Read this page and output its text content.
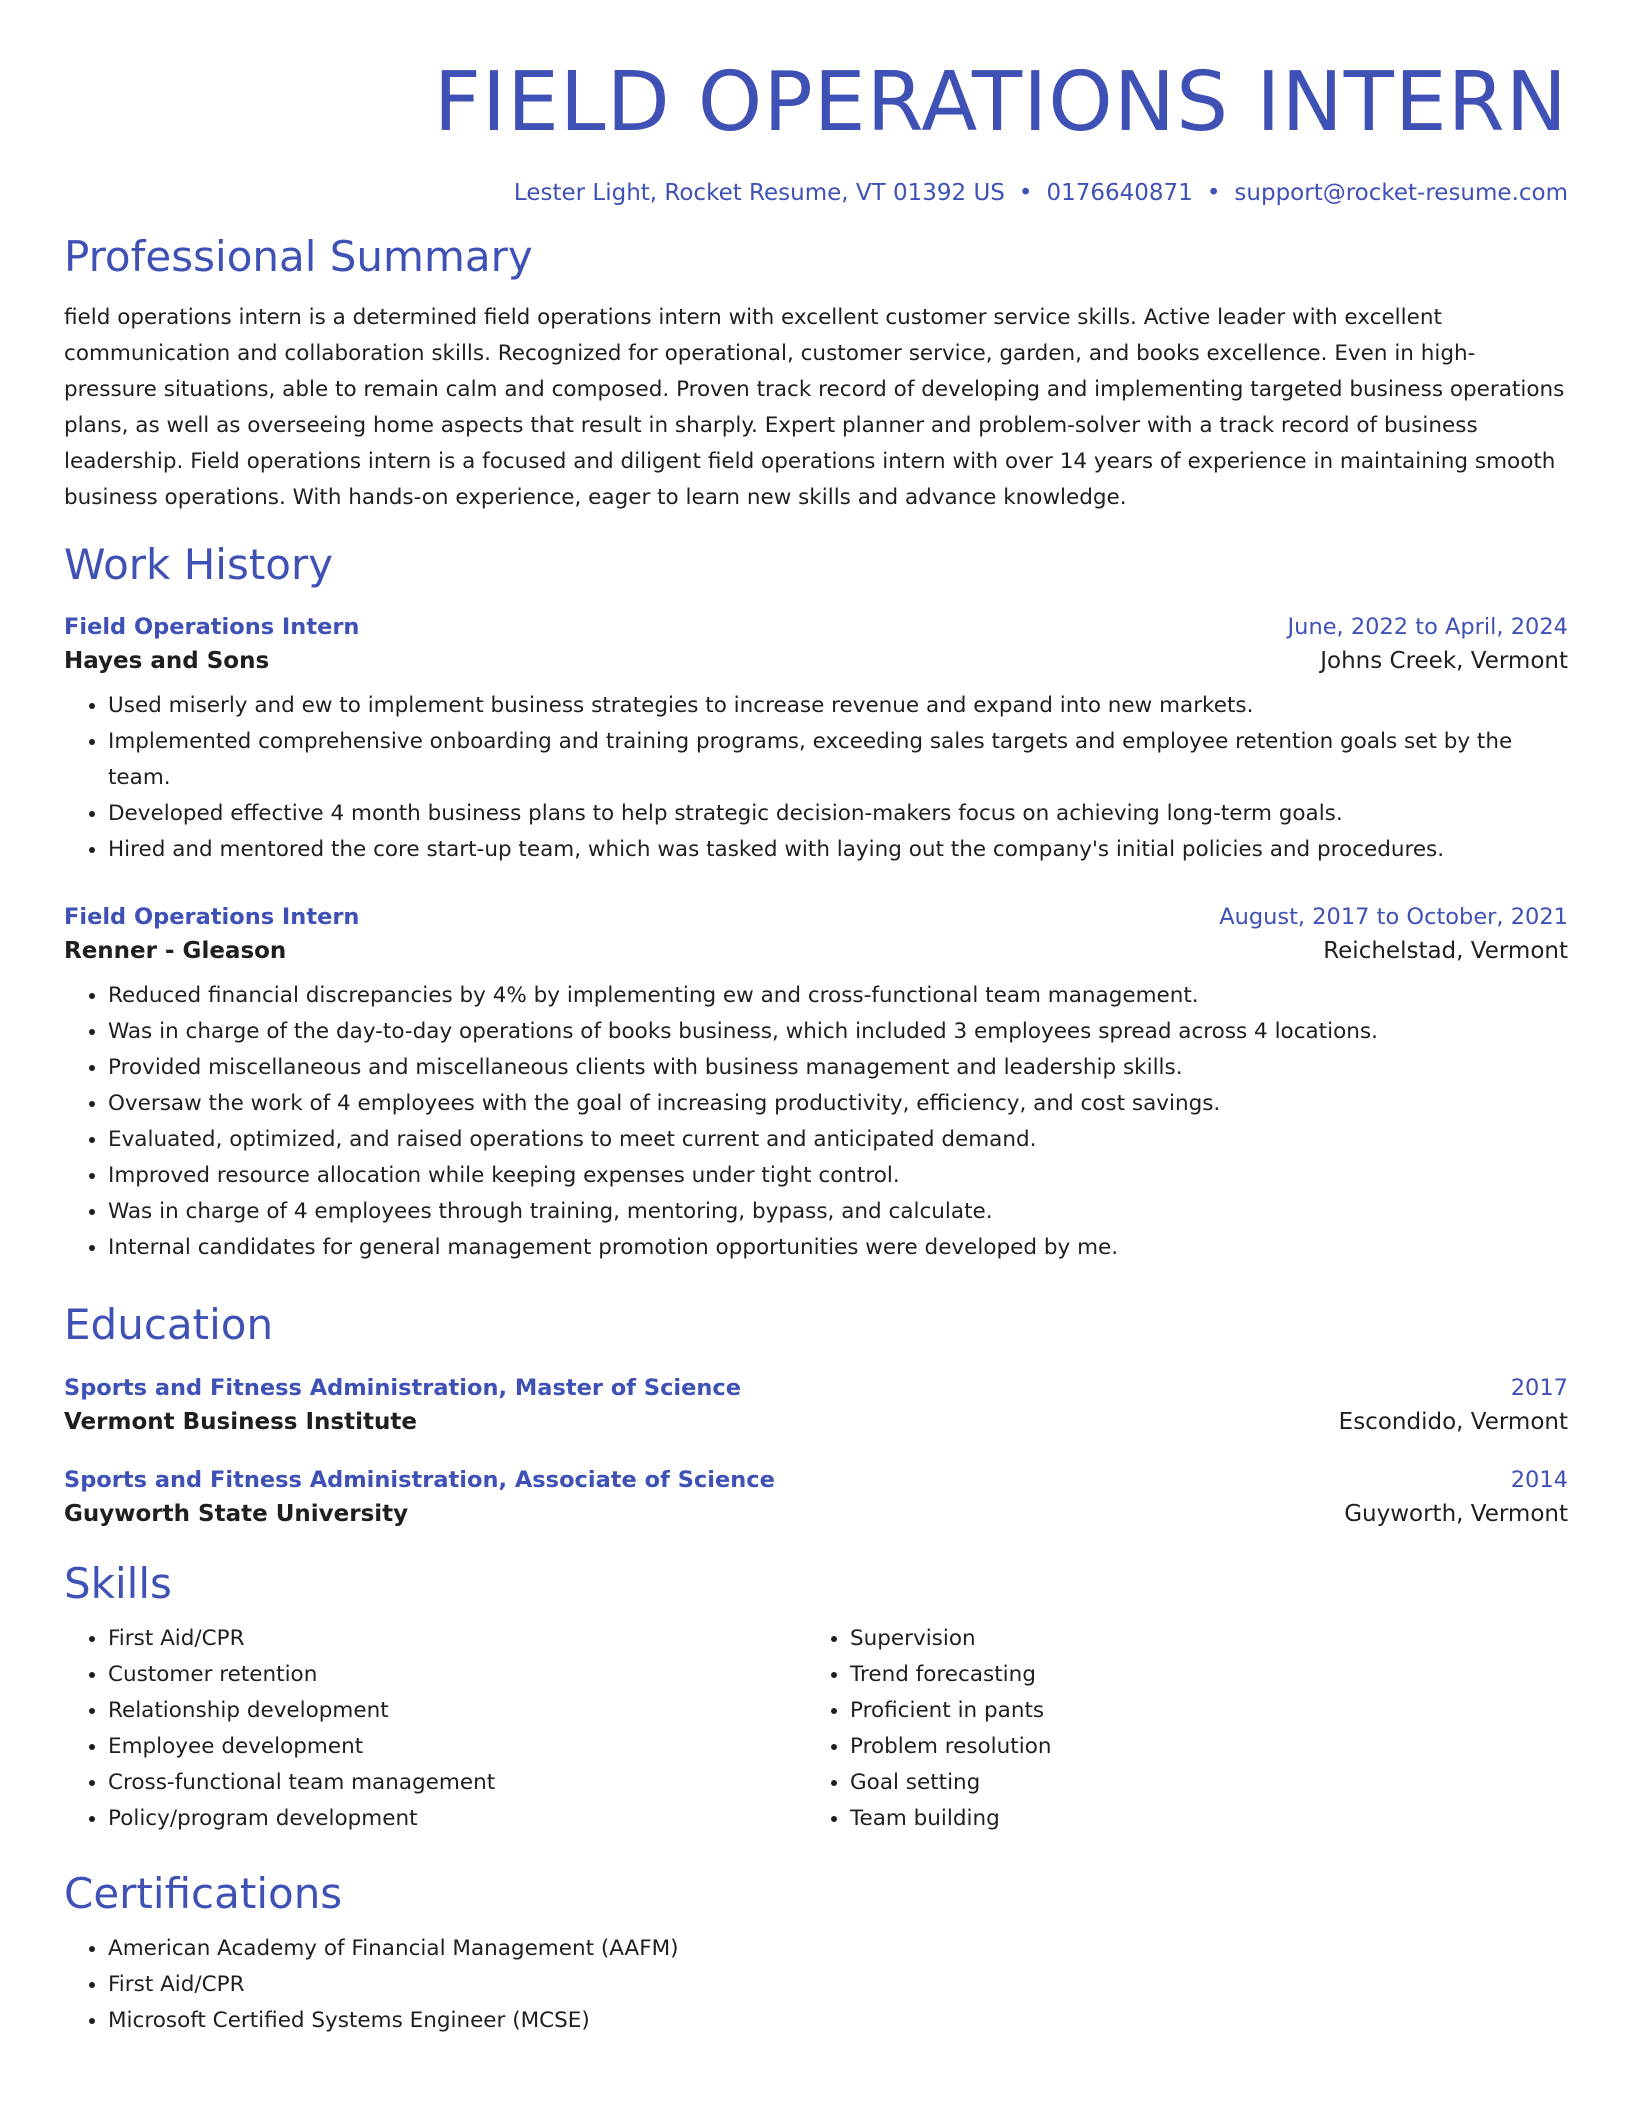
FIELD OPERATIONS INTERN
Lester Light, Rocket Resume, VT 01392 US • 0176640871 • support@rocket-resume.com
Professional Summary

field operations intern is a determined field operations intern with excellent customer service skills. Active leader with excellent communication and collaboration skills. Recognized for operational, customer service, garden, and books excellence. Even in high-pressure situations, able to remain calm and composed. Proven track record of developing and implementing targeted business operations plans, as well as overseeing home aspects that result in sharply. Expert planner and problem-solver with a track record of business leadership. Field operations intern is a focused and diligent field operations intern with over 14 years of experience in maintaining smooth business operations. With hands-on experience, eager to learn new skills and advance knowledge.

Work History
Field Operations Intern	June, 2022 to April, 2024
Hayes and Sons	Johns Creek, Vermont
• Used miserly and ew to implement business strategies to increase revenue and expand into new markets.
• Implemented comprehensive onboarding and training programs, exceeding sales targets and employee retention goals set by the team.
• Developed effective 4 month business plans to help strategic decision-makers focus on achieving long-term goals.
• Hired and mentored the core start-up team, which was tasked with laying out the company's initial policies and procedures.
Field Operations Intern	August, 2017 to October, 2021
Renner - Gleason	Reichelstad, Vermont
• Reduced financial discrepancies by 4% by implementing ew and cross-functional team management.
• Was in charge of the day-to-day operations of books business, which included 3 employees spread across 4 locations.
• Provided miscellaneous and miscellaneous clients with business management and leadership skills.
• Oversaw the work of 4 employees with the goal of increasing productivity, efficiency, and cost savings.
• Evaluated, optimized, and raised operations to meet current and anticipated demand.
• Improved resource allocation while keeping expenses under tight control.
• Was in charge of 4 employees through training, mentoring, bypass, and calculate.
• Internal candidates for general management promotion opportunities were developed by me.
Education
Sports and Fitness Administration, Master of Science	2017
Vermont Business Institute	Escondido, Vermont
Sports and Fitness Administration, Associate of Science	2014
Guyworth State University	Guyworth, Vermont
Skills
• First Aid/CPR
• Customer retention
• Relationship development
• Employee development
• Cross-functional team management
• Policy/program development
• Supervision
• Trend forecasting
• Proficient in pants
• Problem resolution
• Goal setting
• Team building
Certifications
• American Academy of Financial Management (AAFM)
• First Aid/CPR
• Microsoft Certified Systems Engineer (MCSE)
